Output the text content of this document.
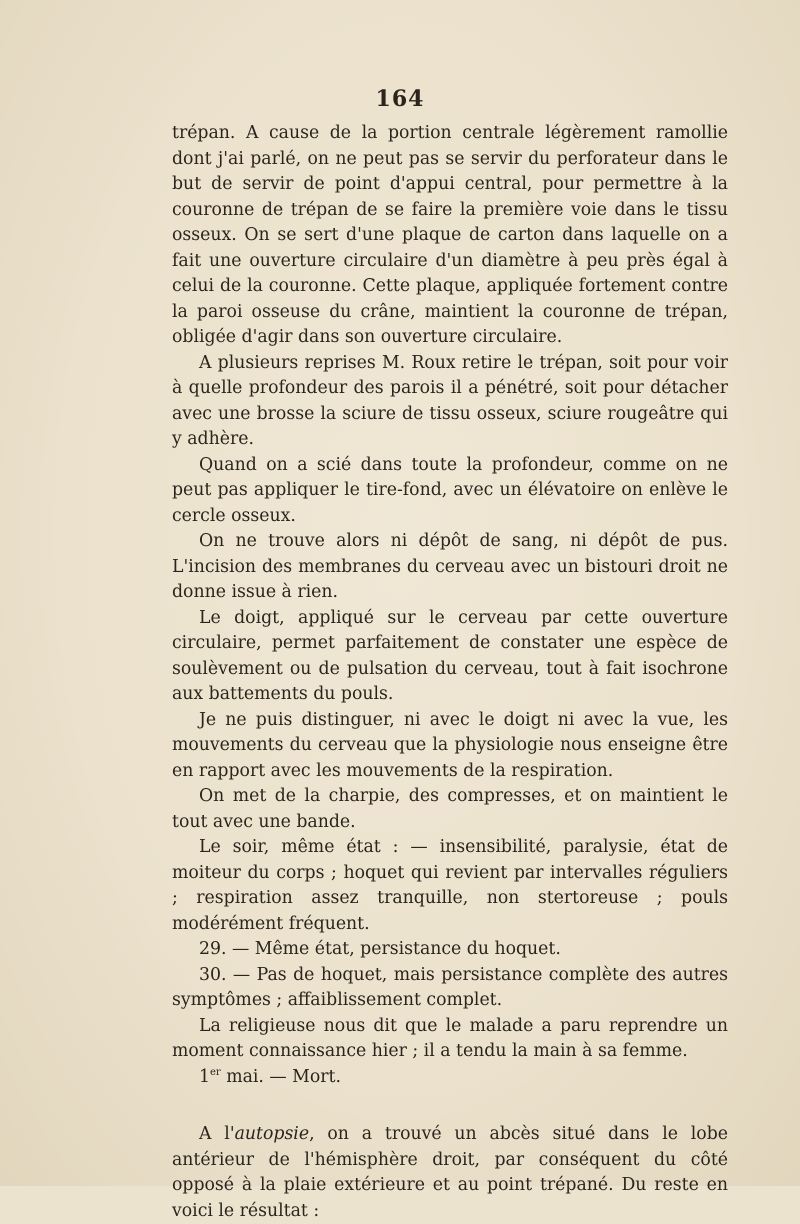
164

trépan. A cause de la portion centrale légèrement ramollie dont j'ai parlé, on ne peut pas se servir du perforateur dans le but de servir de point d'appui central, pour permettre à la couronne de trépan de se faire la première voie dans le tissu osseux. On se sert d'une plaque de carton dans laquelle on a fait une ouverture circulaire d'un diamètre à peu près égal à celui de la couronne. Cette plaque, appliquée fortement contre la paroi osseuse du crâne, maintient la couronne de trépan, obligée d'agir dans son ouverture circulaire.

A plusieurs reprises M. Roux retire le trépan, soit pour voir à quelle profondeur des parois il a pénétré, soit pour détacher avec une brosse la sciure de tissu osseux, sciure rougeâtre qui y adhère.

Quand on a scié dans toute la profondeur, comme on ne peut pas appliquer le tire-fond, avec un élévatoire on enlève le cercle osseux.

On ne trouve alors ni dépôt de sang, ni dépôt de pus. L'incision des membranes du cerveau avec un bistouri droit ne donne issue à rien.

Le doigt, appliqué sur le cerveau par cette ouverture circulaire, permet parfaitement de constater une espèce de soulèvement ou de pulsation du cerveau, tout à fait isochrone aux battements du pouls.

Je ne puis distinguer, ni avec le doigt ni avec la vue, les mouvements du cerveau que la physiologie nous enseigne être en rapport avec les mouvements de la respiration.

On met de la charpie, des compresses, et on maintient le tout avec une bande.

Le soir, même état : — insensibilité, paralysie, état de moiteur du corps ; hoquet qui revient par intervalles réguliers ; respiration assez tranquille, non stertoreuse ; pouls modérément fréquent.

29. — Même état, persistance du hoquet.

30. — Pas de hoquet, mais persistance complète des autres symptômes ; affaiblissement complet.

La religieuse nous dit que le malade a paru reprendre un moment connaissance hier ; il a tendu la main à sa femme.

1er mai. — Mort.

A l'autopsie, on a trouvé un abcès situé dans le lobe antérieur de l'hémisphère droit, par conséquent du côté opposé à la plaie extérieure et au point trépané. Du reste en voici le résultat :
